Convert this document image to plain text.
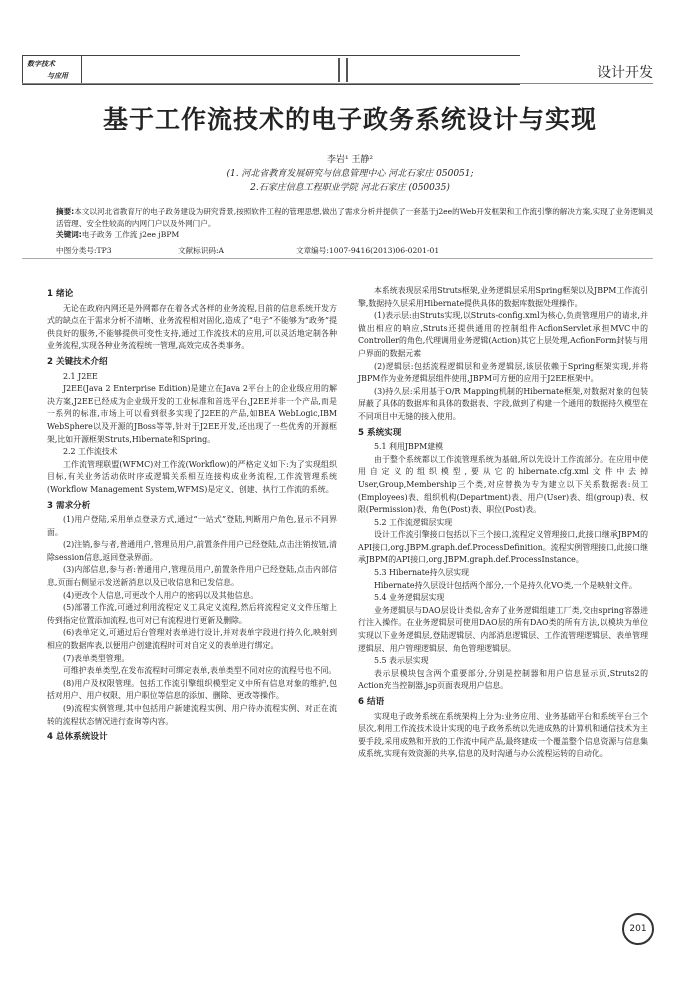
数字技术
与应用	设计开发
基于工作流技术的电子政务系统设计与实现
李岩¹ 王静²
(1. 河北省教育发展研究与信息管理中心 河北石家庄 050051;
2.石家庄信息工程职业学院 河北石家庄 (050035)
摘要:本文以河北省教育厅的电子政务建设为研究背景,按照软件工程的管理思想,做出了需求分析并提供了一套基于j2ee的Web开发框架和工作流引擎的解决方案,实现了业务逻辑灵活管理、安全性较高的内网门户以及外网门户。
关键词:电子政务 工作流 j2ee jBPM
中图分类号:TP3	文献标识码:A	文章编号:1007-9416(2013)06-0201-01
1 绪论

无论在政府内网还是外网都存在着各式各样的业务流程,目前的信息系统开发方式的缺点在于需求分析不清晰、业务流程相对固化,造成了“电子”不能够为“政务”提供良好的服务,不能够提供可变性支持,通过工作流技术的应用,可以灵活地定制各种业务流程,实现各种业务流程统一管理,高效完成各类事务。

2 关键技术介绍
2.1 J2EE

J2EE(Java 2 Enterprise Edition)是建立在Java 2平台上的企业级应用的解决方案,J2EE已经成为企业级开发的工业标准和首选平台,J2EE并非一个产品,而是一系列的标准,市场上可以看到很多实现了J2EE的产品,如BEA WebLogic,IBM WebSphere以及开源的JBoss等等,针对于J2EE开发,还出现了一些优秀的开源框架,比如开源框架Struts,Hibernate和Spring。

2.2 工作流技术

工作流管理联盟(WFMC)对工作流(Workflow)的严格定义如下:为了实现组织目标,有关业务活动依时序或逻辑关系相互连接构成业务流程,工作流管理系统(Workflow Management System,WFMS)是定义、创建、执行工作流的系统。

3 需求分析

(1)用户登陆,采用单点登录方式,通过“一站式”登陆,判断用户角色,显示不同界面。

(2)注销,参与者,普通用户,管理员用户,前置条件用户已经登陆,点击注销按钮,清除session信息,返回登录界面。

(3)内部信息,参与者:普通用户,管理员用户,前置条件用户已经登陆,点击内部信息,页面右侧显示发送新消息以及已收信息和已发信息。

(4)更改个人信息,可更改个人用户的密码以及其他信息。

(5)部署工作流,可通过利用流程定义工具定义流程,然后将流程定义文件压缩上传到指定位置添加流程,也可对已有流程进行更新及删除。

(6)表单定义,可通过后台管理对表单进行设计,并对表单字段进行持久化,映射到相应的数据库表,以便用户创建流程时可对自定义的表单进行绑定。

(7)表单类型管理。

可维护表单类型,在发布流程时可绑定表单,表单类型不同对应的流程号也不同。

(8)用户及权限管理。包括工作流引擎组织模型定义中所有信息对象的维护,包括对用户、用户权限、用户职位等信息的添加、删除、更改等操作。

(9)流程实例管理,其中包括用户新建流程实例、用户待办流程实例、对正在流转的流程状态情况进行查询等内容。

4 总体系统设计

本系统表现层采用Struts框架,业务逻辑层采用Spring框架以及JBPM工作流引擎,数据持久层采用Hibernate提供具体的数据库数据处理操作。

(1)表示层:由Struts实现,以Struts-config.xml为核心,负责管理用户的请求,并做出相应的响应,Struts还提供通用的控制组件AcfionServlet承担MVC中的Controller的角色,代理调用业务逻辑(Action)其它上层处理,AcfionForm封装与用户界面的数据元素

(2)逻辑层:包括流程逻辑层和业务逻辑层,该层依赖于Spring框架实现,并将JBPM作为业务逻辑层组件使用,JBPM可方便的应用于J2EE框架中。

(3)持久层:采用基于O/R Mapping机制的Hibernate框架,对数据对象的包装屏蔽了具体的数据库和具体的数据表、字段,做到了构建一个通用的数据持久模型在不同项目中无缝的接入使用。

5 系统实现
5.1 利用JBPM建模

由于整个系统都以工作流管理系统为基础,所以先设计工作流部分。在应用中使用自定义的组织模型,要从它的hibernate.cfg.xml文件中去掉User,Group,Membership三个类,对应替换为专为建立以下关系数据表:员工(Employees)表、组织机构(Department)表、用户(User)表、组(group)表、权限(Permission)表、角色(Post)表、职位(Post)表。

5.2 工作流逻辑层实现

设计工作流引擎接口包括以下三个接口,流程定义管理接口,此接口继承JBPM的API接口,org.JBPM.graph.def.ProcessDefinition。流程实例管理接口,此接口继承JBPM的API接口,org.JBPM.graph.def.ProcessInstance。

5.3 Hibernate持久层实现

Hibernate持久层设计包括两个部分,一个是持久化VO类,一个是映射文件。

5.4 业务逻辑层实现

业务逻辑层与DAO层设计类似,舍弃了业务逻辑组建工厂类,交由spring容器进行注入操作。在业务逻辑层可使用DAO层的所有DAO类的所有方法,以模块为单位实现以下业务逻辑层,登陆逻辑层、内部消息逻辑层、工作流管理逻辑层、表单管理逻辑层、用户管理逻辑层、角色管理逻辑层。

5.5 表示层实现

表示层模块包含两个重要部分,分别是控制器和用户信息显示页,Struts2的Action充当控制器,jsp页面表现用户信息。

6 结语

实现电子政务系统在系统架构上分为:业务应用、业务基础平台和系统平台三个层次,利用工作流技术设计实现的电子政务系统以先进成熟的计算机和通信技术为主要手段,采用成熟和开放的工作流中间产品,最终建成一个覆盖整个信息资源与信息集成系统,实现有效资源的共享,信息的及时沟通与办公流程运转的自动化。

201
